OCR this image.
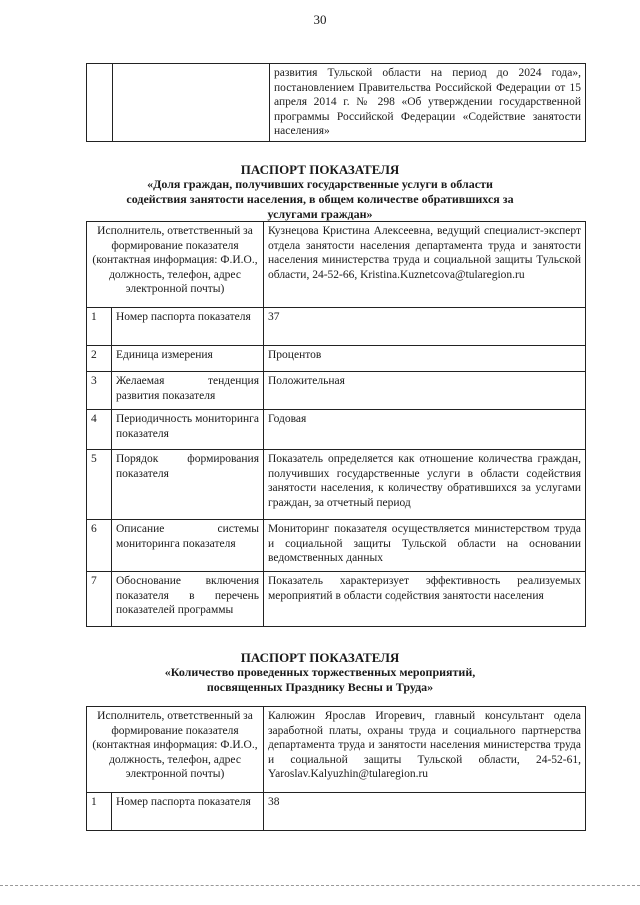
30
		развития Тульской области на период до 2024 года», постановлением Правительства Российской Федерации от 15 апреля 2014 г. № 298 «Об утверждении государственной программы Российской Федерации «Содействие занятости населения»
ПАСПОРТ ПОКАЗАТЕЛЯ
«Доля граждан, получивших государственные услуги в области содействия занятости населения, в общем количестве обратившихся за услугами граждан»
Исполнитель, ответственный за формирование показателя (контактная информация: Ф.И.О., должность, телефон, адрес электронной почты)		Кузнецова Кристина Алексеевна, ведущий специалист-эксперт отдела занятости населения департамента труда и занятости населения министерства труда и социальной защиты Тульской области, 24-52-66, Kristina.Kuznetcova@tularegion.ru
1	Номер паспорта показателя	37
2	Единица измерения	Процентов
3	Желаемая тенденция развития показателя	Положительная
4	Периодичность мониторинга показателя	Годовая
5	Порядок формирования показателя	Показатель определяется как отношение количества граждан, получивших государственные услуги в области содействия занятости населения, к количеству обратившихся за услугами граждан, за отчетный период
6	Описание системы мониторинга показателя	Мониторинг показателя осуществляется министерством труда и социальной защиты Тульской области на основании ведомственных данных
7	Обоснование включения показателя в перечень показателей программы	Показатель характеризует эффективность реализуемых мероприятий в области содействия занятости населения
ПАСПОРТ ПОКАЗАТЕЛЯ
«Количество проведенных торжественных мероприятий, посвященных Празднику Весны и Труда»
Исполнитель, ответственный за формирование показателя (контактная информация: Ф.И.О., должность, телефон, адрес электронной почты)		Калюжин Ярослав Игоревич, главный консультант одела заработной платы, охраны труда и социального партнерства департамента труда и занятости населения министерства труда и социальной защиты Тульской области, 24-52-61, Yaroslav.Kalyuzhin@tularegion.ru
1	Номер паспорта показателя	38
